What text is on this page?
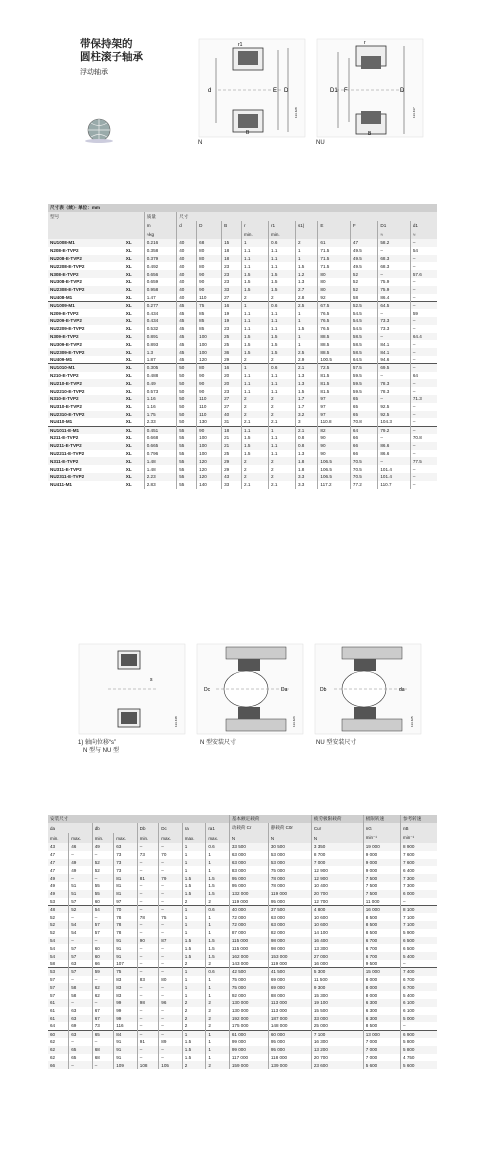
带保持架的
圆柱滚子轴承
浮动轴承
d	E D
r1
B
113 428
N
D1 F	D
r
B
113 437
NU
尺寸表（续）· 单位：mm												
型号		质量	尺寸									
		m	d	D	B	r	r1	s1)	E	F	D1	d1
		≈kg				min.	min.				≈	≈
NU1008-M1	XL	0.216	40	68	15	1	0.6	2	61	47	58.2	–
N208-E-TVP2	XL	0.358	40	80	18	1.1	1.1	1	71.5	49.5	–	54
NU208-E-TVP2	XL	0.379	40	80	18	1.1	1.1	1	71.5	49.5	68.3	–
NU2208-E-TVP2	XL	0.492	40	80	23	1.1	1.1	1.5	71.5	49.5	68.3	–
N308-E-TVP2	XL	0.656	40	90	23	1.5	1.5	1.2	80	52	–	57.6
NU308-E-TVP2	XL	0.659	40	90	23	1.5	1.5	1.3	80	52	75.9	–
NU2308-E-TVP2	XL	0.958	40	90	33	1.5	1.5	2.7	80	52	75.9	–
NU408-M1	XL	1.47	40	110	27	2	2	2.8	92	58	86.4	–
NU1009-M1	XL	0.277	45	75	16	1	0.6	2.5	67.5	52.5	64.5	–
N209-E-TVP2	XL	0.434	45	85	19	1.1	1.1	1	76.5	54.5	–	59
NU209-E-TVP2	XL	0.434	45	85	19	1.1	1.1	1	76.5	54.5	73.3	–
NU2209-E-TVP2	XL	0.532	45	85	23	1.1	1.1	1.5	76.5	54.5	73.3	–
N309-E-TVP2	XL	0.891	45	100	25	1.5	1.5	1	88.5	58.5	–	64.4
NU309-E-TVP2	XL	0.893	45	100	25	1.5	1.5	1	88.5	58.5	84.1	–
NU2309-E-TVP2	XL	1.3	45	100	36	1.5	1.5	2.5	88.5	58.5	84.1	–
NU409-M1	XL	1.87	45	120	29	2	2	2.9	100.5	64.5	94.6	–
NU1010-M1	XL	0.305	50	80	16	1	0.6	2.1	72.5	57.5	69.5	–
N210-E-TVP2	XL	0.488	50	90	20	1.1	1.1	1.3	81.5	59.5	–	64
NU210-E-TVP2	XL	0.49	50	90	20	1.1	1.1	1.3	81.5	59.5	78.3	–
NU2210-E-TVP2	XL	0.573	50	90	23	1.1	1.1	1.5	81.5	59.5	78.3	–
N310-E-TVP2	XL	1.16	50	110	27	2	2	1.7	97	65	–	71.3
NU310-E-TVP2	XL	1.16	50	110	27	2	2	1.7	97	65	92.5	–
NU2310-E-TVP2	XL	1.75	50	110	40	2	2	3.2	97	65	92.5	–
NU410-M1	XL	2.33	50	130	31	2.1	2.1	3	110.8	70.8	104.3	–
NU1011-E-M1	XL	0.451	55	90	18	1.1	1	2.1	82	64	79.2	–
N211-E-TVP2	XL	0.668	55	100	21	1.5	1.1	0.8	90	66	–	70.8
NU211-E-TVP2	XL	0.665	55	100	21	1.5	1.1	0.8	90	66	86.6	–
NU2211-E-TVP2	XL	0.796	55	100	25	1.5	1.1	1.3	90	66	86.6	–
N311-E-TVP2	XL	1.48	55	120	29	2	2	1.8	106.5	70.5	–	77.5
NU311-E-TVP2	XL	1.48	55	120	29	2	2	1.8	106.5	70.5	101.4	–
NU2311-E-TVP2	XL	2.23	55	120	43	2	2	3.3	106.5	70.5	101.4	–
NU411-M1	XL	2.83	55	140	33	2.1	2.1	3.3	117.2	77.2	110.7	–
s
113 448
1) 轴向位移“s”
N 型与 NU 型
Dc	Da
113 426
N 型安装尺寸
Db	da
113 425
NU 型安装尺寸
安装尺寸								基本额定载荷		疲劳极限载荷	极限转速	参考转速
da		db		Db	Dc	ra	ra1	动载荷 Cr	静载荷 C0r	Cur	nG	nB
min.	max.	min.	max.	min.	max.	max.	max.	N	N	N	min⁻¹	min⁻¹
43	46	49	63	–	–	1	0.6	33 500	30 500	3 350	19 000	8 900
47	–	–	73	73	70	1	1	63 000	53 000	8 700	9 000	7 600
47	49	52	73	–	–	1	1	63 000	53 000	7 000	9 000	7 600
47	49	52	73	–	–	1	1	83 000	75 000	12 900	9 000	6 400
49	–	–	81	81	79	1.5	1.5	95 000	78 000	12 900	7 500	7 300
49	51	55	81	–	–	1.5	1.5	95 000	78 000	10 400	7 500	7 300
49	51	55	81	–	–	1.5	1.5	132 000	119 000	20 700	7 500	6 000
53	57	60	97	–	–	2	2	119 000	95 000	12 700	11 000	–
48	52	54	70	–	–	1	0.6	40 000	37 500	4 800	16 000	8 100
52	–	–	78	78	75	1	1	72 000	63 000	10 600	8 500	7 100
52	54	57	78	–	–	1	1	72 000	63 000	10 600	8 500	7 100
52	54	57	78	–	–	1	1	87 000	82 000	14 100	8 500	5 900
54	–	–	91	90	87	1.5	1.5	115 000	98 000	16 400	6 700	6 500
54	57	60	91	–	–	1.5	1.5	115 000	98 000	13 300	6 700	6 500
54	57	60	91	–	–	1.5	1.5	162 000	153 000	27 000	6 700	5 400
58	63	66	107	–	–	2	2	143 000	119 000	16 000	9 500	–
53	57	59	75	–	–	1	0.6	42 500	41 500	5 300	15 000	7 400
57	–	–	83	83	80	1	1	75 000	69 000	11 500	8 000	6 700
57	58	62	83	–	–	1	1	75 000	69 000	9 300	8 000	6 700
57	58	62	83	–	–	1	1	92 000	88 000	15 300	8 000	5 400
61	–	–	99	98	96	2	2	130 000	113 000	19 100	6 300	6 100
61	63	67	99	–	–	2	2	130 000	113 000	15 500	6 300	6 100
61	63	67	99	–	–	2	2	192 000	187 000	33 000	6 300	5 000
64	69	73	116	–	–	2	2	175 000	148 000	25 000	8 500	–
60	63	65	84	–	–	1	1	61 000	60 000	7 100	13 000	6 900
62	–	–	91	91	89	1.5	1	99 000	95 000	16 300	7 000	5 800
62	65	68	91	–	–	1.5	1	99 000	95 000	13 200	7 000	5 800
62	65	68	91	–	–	1.5	1	117 000	118 000	20 700	7 000	4 750
66	–	–	109	108	105	2	2	159 000	139 000	23 600	5 600	5 600
